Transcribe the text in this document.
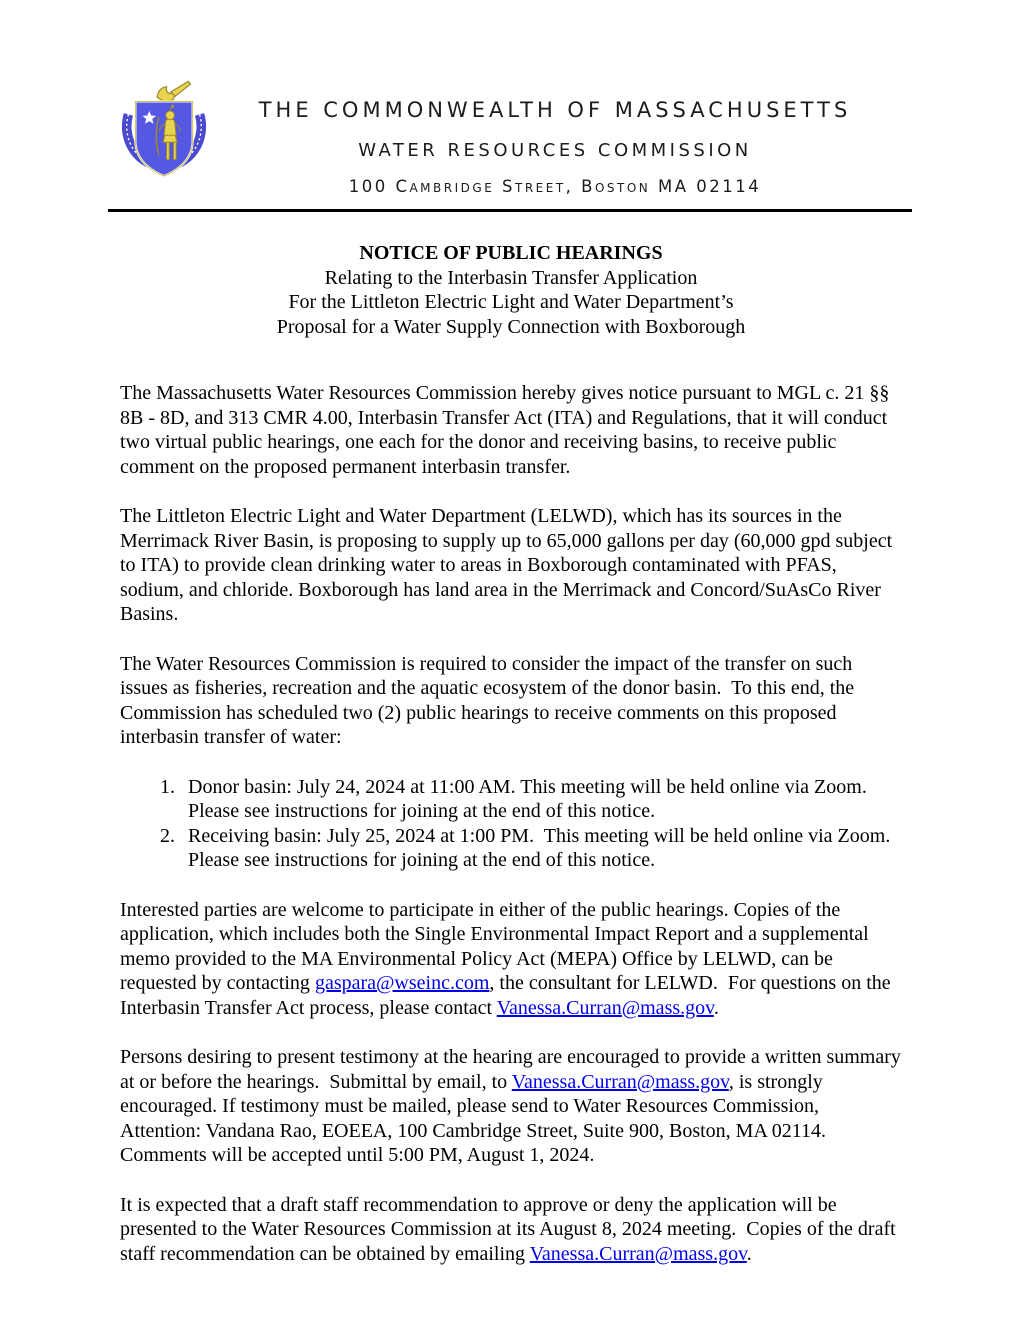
THE COMMONWEALTH OF MASSACHUSETTS
WATER RESOURCES COMMISSION
100 Cambridge Street, Boston MA 02114
NOTICE OF PUBLIC HEARINGS
Relating to the Interbasin Transfer Application
For the Littleton Electric Light and Water Department’s
Proposal for a Water Supply Connection with Boxborough

The Massachusetts Water Resources Commission hereby gives notice pursuant to MGL c. 21 §§ 8B - 8D, and 313 CMR 4.00, Interbasin Transfer Act (ITA) and Regulations, that it will conduct two virtual public hearings, one each for the donor and receiving basins, to receive public comment on the proposed permanent interbasin transfer.

The Littleton Electric Light and Water Department (LELWD), which has its sources in the Merrimack River Basin, is proposing to supply up to 65,000 gallons per day (60,000 gpd subject to ITA) to provide clean drinking water to areas in Boxborough contaminated with PFAS, sodium, and chloride. Boxborough has land area in the Merrimack and Concord/SuAsCo River Basins.

The Water Resources Commission is required to consider the impact of the transfer on such issues as fisheries, recreation and the aquatic ecosystem of the donor basin.  To this end, the Commission has scheduled two (2) public hearings to receive comments on this proposed interbasin transfer of water:

1. Donor basin: July 24, 2024 at 11:00 AM. This meeting will be held online via Zoom. Please see instructions for joining at the end of this notice.
2. Receiving basin: July 25, 2024 at 1:00 PM.  This meeting will be held online via Zoom. Please see instructions for joining at the end of this notice.

Interested parties are welcome to participate in either of the public hearings. Copies of the application, which includes both the Single Environmental Impact Report and a supplemental memo provided to the MA Environmental Policy Act (MEPA) Office by LELWD, can be requested by contacting gaspara@wseinc.com, the consultant for LELWD.  For questions on the Interbasin Transfer Act process, please contact Vanessa.Curran@mass.gov.

Persons desiring to present testimony at the hearing are encouraged to provide a written summary at or before the hearings.  Submittal by email, to Vanessa.Curran@mass.gov, is strongly encouraged. If testimony must be mailed, please send to Water Resources Commission, Attention: Vandana Rao, EOEEA, 100 Cambridge Street, Suite 900, Boston, MA 02114. Comments will be accepted until 5:00 PM, August 1, 2024.

It is expected that a draft staff recommendation to approve or deny the application will be presented to the Water Resources Commission at its August 8, 2024 meeting.  Copies of the draft staff recommendation can be obtained by emailing Vanessa.Curran@mass.gov.
